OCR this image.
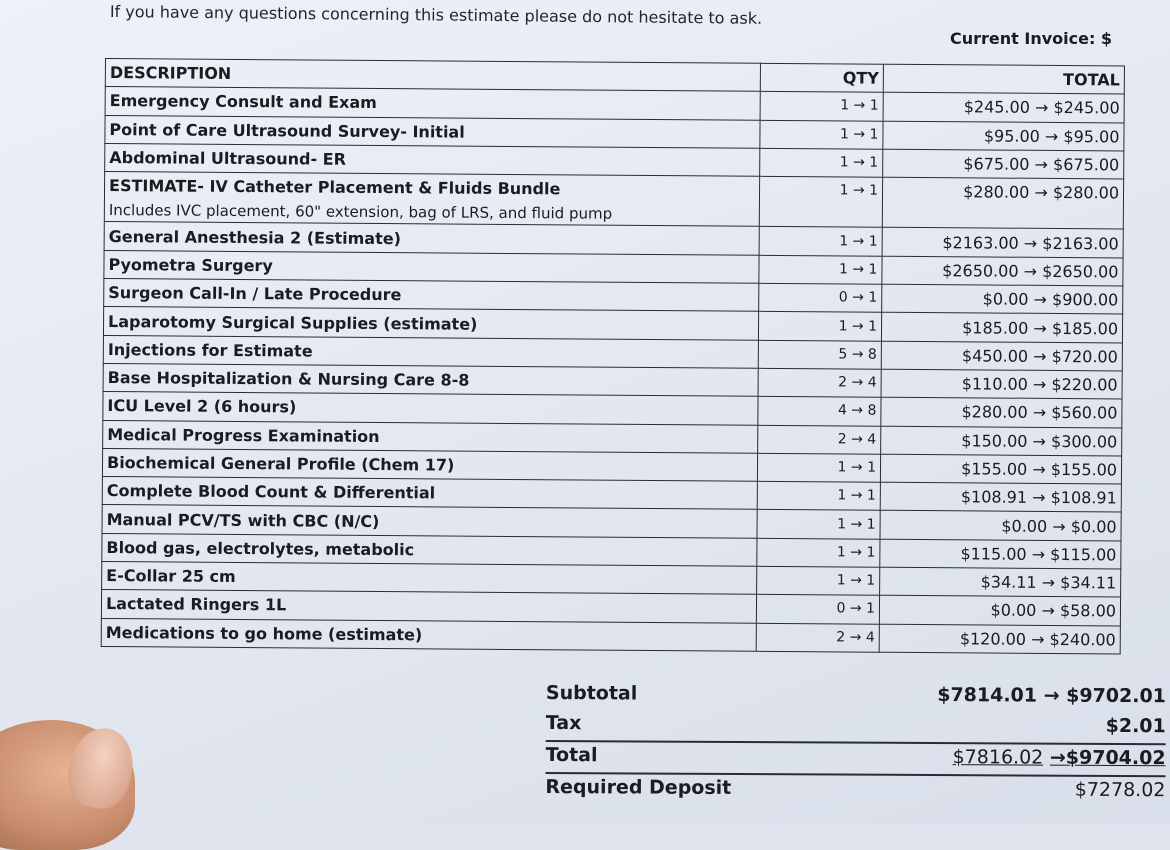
If you have any questions concerning this estimate please do not hesitate to ask.
Current Invoice: $
DESCRIPTION	QTY	TOTAL
Emergency Consult and Exam	1 → 1	$245.00 → $245.00
Point of Care Ultrasound Survey- Initial	1 → 1	$95.00 → $95.00
Abdominal Ultrasound- ER	1 → 1	$675.00 → $675.00
ESTIMATE- IV Catheter Placement & Fluids Bundle	1 → 1	$280.00 → $280.00
Includes IVC placement, 60" extension, bag of LRS, and fluid pump		
General Anesthesia 2 (Estimate)	1 → 1	$2163.00 → $2163.00
Pyometra Surgery	1 → 1	$2650.00 → $2650.00
Surgeon Call-In / Late Procedure	0 → 1	$0.00 → $900.00
Laparotomy Surgical Supplies (estimate)	1 → 1	$185.00 → $185.00
Injections for Estimate	5 → 8	$450.00 → $720.00
Base Hospitalization & Nursing Care 8-8	2 → 4	$110.00 → $220.00
ICU Level 2 (6 hours)	4 → 8	$280.00 → $560.00
Medical Progress Examination	2 → 4	$150.00 → $300.00
Biochemical General Profile (Chem 17)	1 → 1	$155.00 → $155.00
Complete Blood Count & Differential	1 → 1	$108.91 → $108.91
Manual PCV/TS with CBC (N/C)	1 → 1	$0.00 → $0.00
Blood gas, electrolytes, metabolic	1 → 1	$115.00 → $115.00
E-Collar 25 cm	1 → 1	$34.11 → $34.11
Lactated Ringers 1L	0 → 1	$0.00 → $58.00
Medications to go home (estimate)	2 → 4	$120.00 → $240.00
Subtotal	$7814.01 → $9702.01
Tax	$2.01
Total	$7816.02 →$9704.02
Required Deposit	$7278.02
